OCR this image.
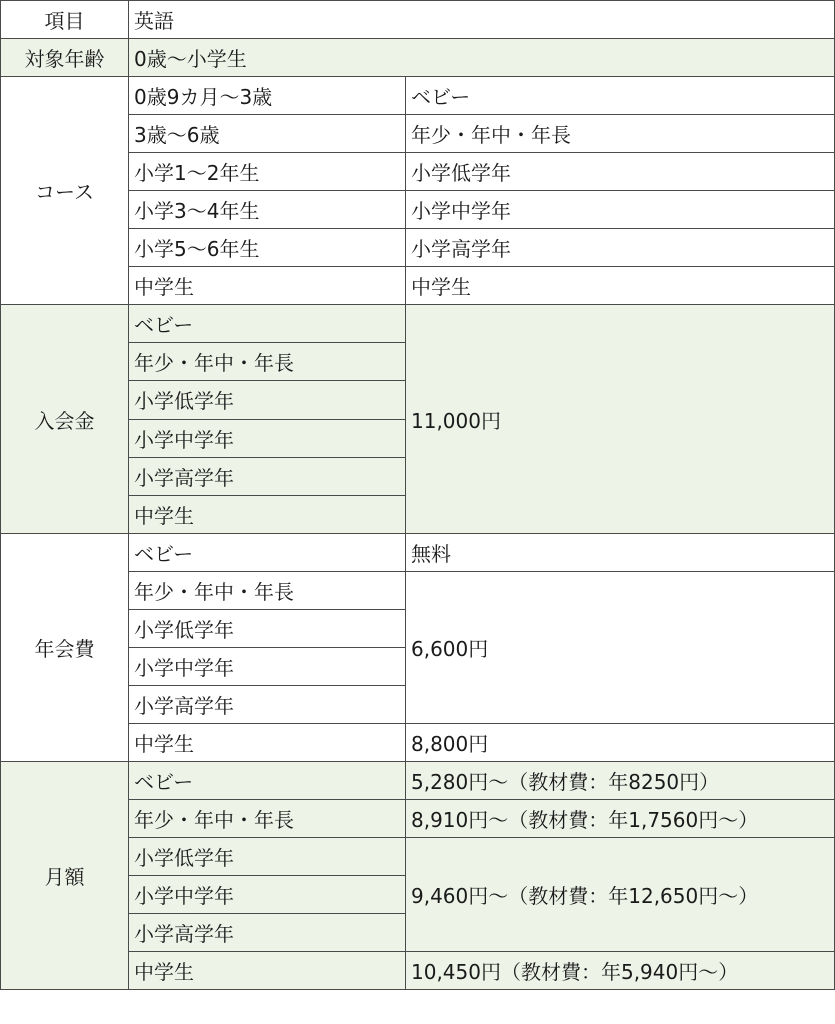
項目	英語	
対象年齢	0歳〜小学生	
コース	0歳9カ月〜3歳	ベビー
	3歳〜6歳	年少・年中・年長
	小学1〜2年生	小学低学年
	小学3〜4年生	小学中学年
	小学5〜6年生	小学高学年
	中学生	中学生
入会金	ベビー	11,000円
	年少・年中・年長	
	小学低学年	
	小学中学年	
	小学高学年	
	中学生	
年会費	ベビー	無料
	年少・年中・年長	6,600円
	小学低学年	
	小学中学年	
	小学高学年	
	中学生	8,800円
月額	ベビー	5,280円〜（教材費：年8250円）
	年少・年中・年長	8,910円〜（教材費：年1,7560円〜）
	小学低学年	9,460円〜（教材費：年12,650円〜）
	小学中学年	
	小学高学年	
	中学生	10,450円（教材費：年5,940円〜）
